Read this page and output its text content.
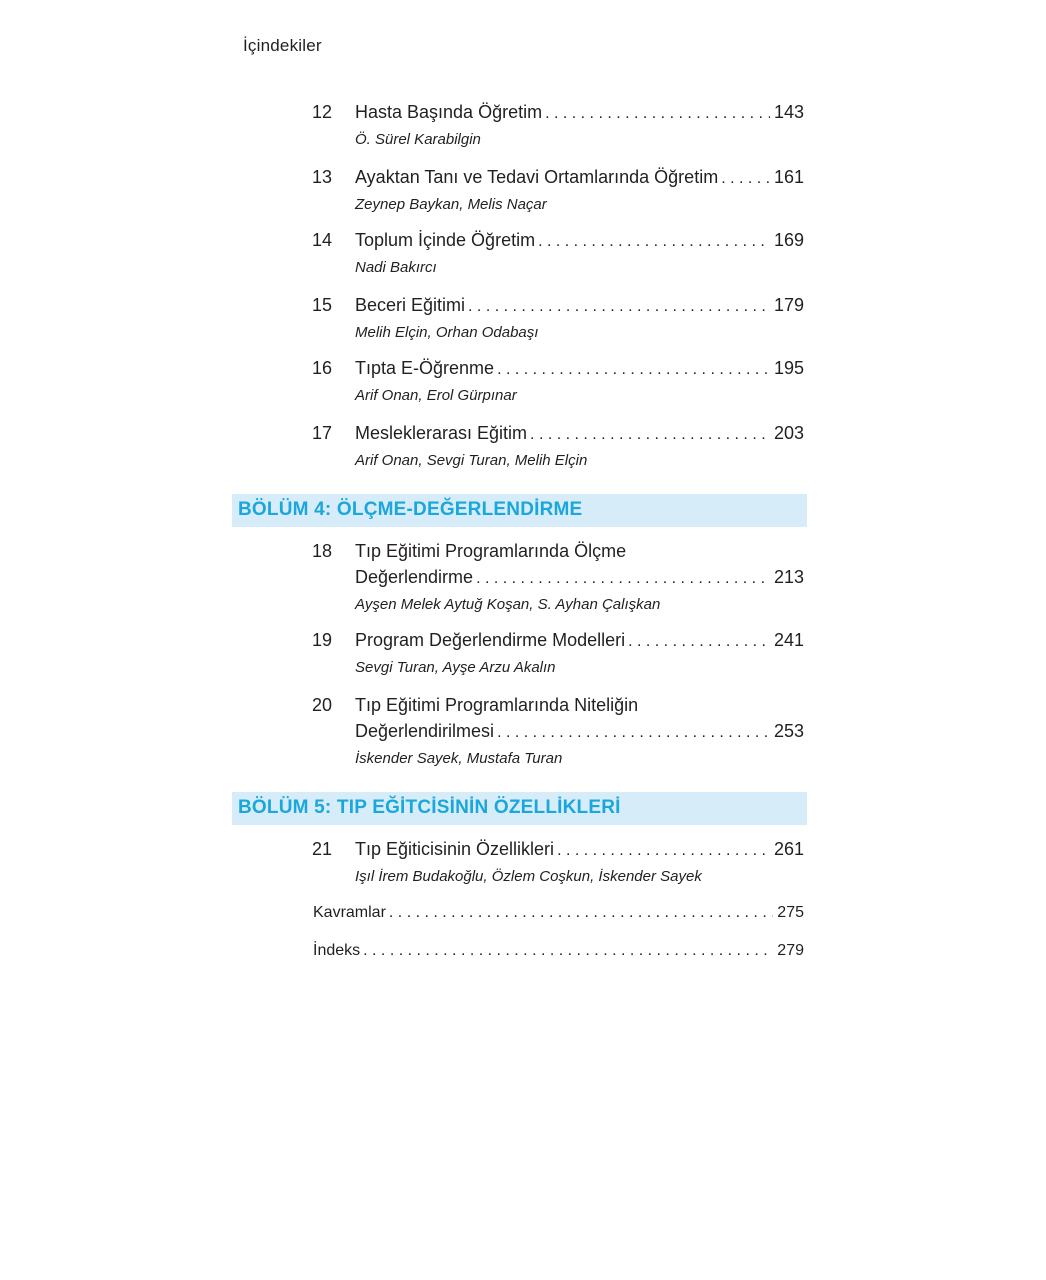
İçindekiler
12	Hasta Başında Öğretim . . .	143
Ö. Sürel Karabilgin
13	Ayaktan Tanı ve Tedavi Ortamlarında Öğretim . . .	161
Zeynep Baykan, Melis Naçar
14	Toplum İçinde Öğretim . . .	169
Nadi Bakırcı
15	Beceri Eğitimi . . .	179
Melih Elçin, Orhan Odabaşı
16	Tıpta E-Öğrenme . . .	195
Arif Onan, Erol Gürpınar
17	Mesleklerarası Eğitim . . .	203
Arif Onan, Sevgi Turan, Melih Elçin
BÖLÜM 4: ÖLÇME-DEĞERLENDİRME
18	Tıp Eğitimi Programlarında Ölçme
Değerlendirme . . .	213
Ayşen Melek Aytuğ Koşan, S. Ayhan Çalışkan
19	Program Değerlendirme Modelleri . . .	241
Sevgi Turan, Ayşe Arzu Akalın
20	Tıp Eğitimi Programlarında Niteliğin
Değerlendirilmesi . . .	253
İskender Sayek, Mustafa Turan
BÖLÜM 5: TIP EĞİTCİSİNİN ÖZELLİKLERİ
21	Tıp Eğiticisinin Özellikleri . . .	261
Işıl İrem Budakoğlu, Özlem Coşkun, İskender Sayek
Kavramlar . . .	275
İndeks . . .	279
